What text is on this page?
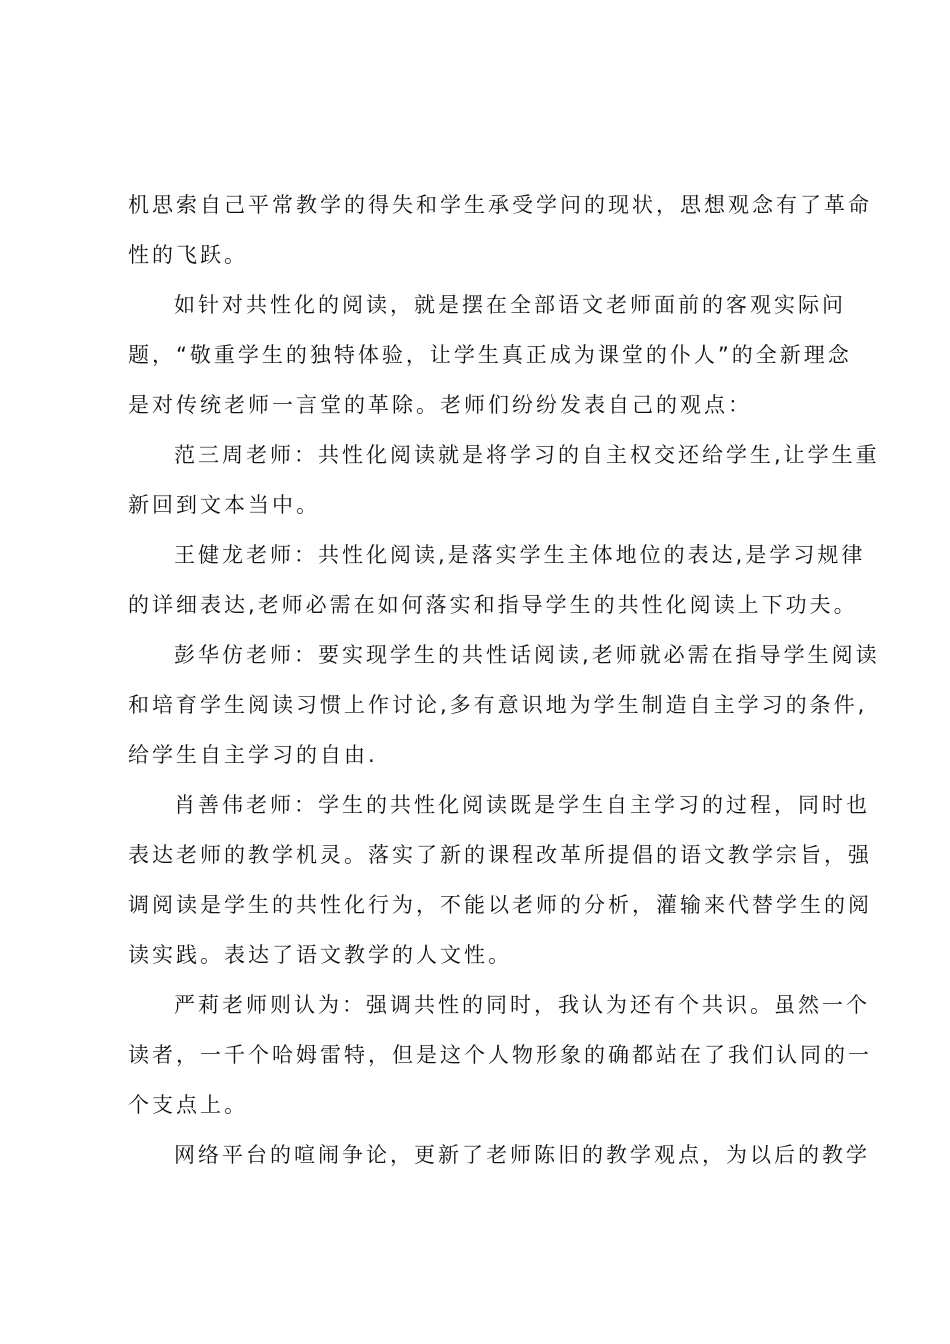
机思索自己平常教学的得失和学生承受学问的现状，思想观念有了革命
性的飞跃。
如针对共性化的阅读，就是摆在全部语文老师面前的客观实际问
题，“敬重学生的独特体验，让学生真正成为课堂的仆人”的全新理念
是对传统老师一言堂的革除。老师们纷纷发表自己的观点：
范三周老师：共性化阅读就是将学习的自主权交还给学生,让学生重
新回到文本当中。
王健龙老师：共性化阅读,是落实学生主体地位的表达,是学习规律
的详细表达,老师必需在如何落实和指导学生的共性化阅读上下功夫。
彭华仿老师：要实现学生的共性话阅读,老师就必需在指导学生阅读
和培育学生阅读习惯上作讨论,多有意识地为学生制造自主学习的条件,
给学生自主学习的自由.
肖善伟老师：学生的共性化阅读既是学生自主学习的过程，同时也
表达老师的教学机灵。落实了新的课程改革所提倡的语文教学宗旨，强
调阅读是学生的共性化行为，不能以老师的分析，灌输来代替学生的阅
读实践。表达了语文教学的人文性。
严莉老师则认为：强调共性的同时，我认为还有个共识。虽然一个
读者，一千个哈姆雷特，但是这个人物形象的确都站在了我们认同的一
个支点上。
网络平台的喧闹争论，更新了老师陈旧的教学观点，为以后的教学
